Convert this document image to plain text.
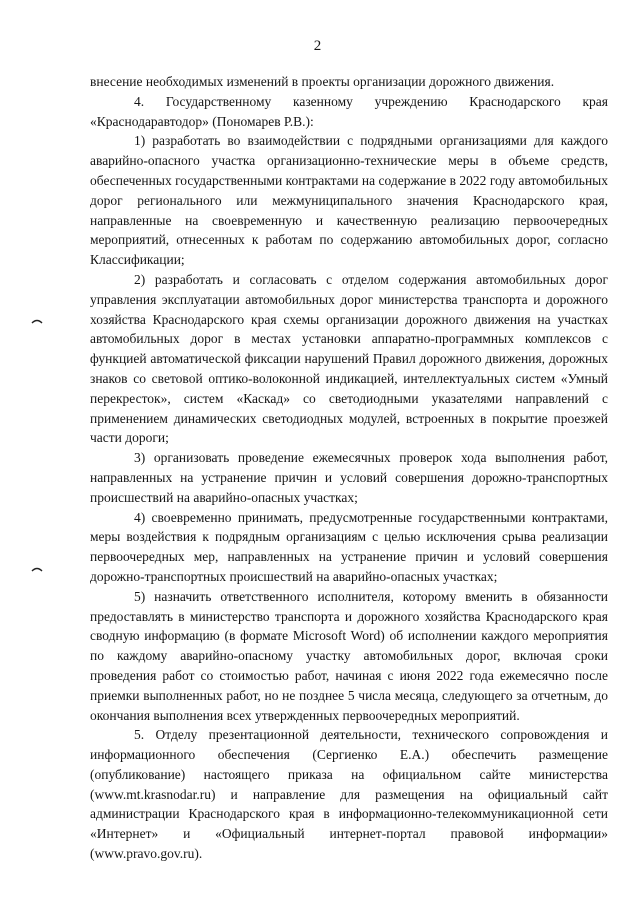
2

внесение необходимых изменений в проекты организации дорожного движения.

4. Государственному казенному учреждению Краснодарского края «Краснодаравтодор» (Пономарев Р.В.):

1) разработать во взаимодействии с подрядными организациями для каждого аварийно-опасного участка организационно-технические меры в объеме средств, обеспеченных государственными контрактами на содержание в 2022 году автомобильных дорог регионального или межмуниципального значения Краснодарского края, направленные на своевременную и качественную реализацию первоочередных мероприятий, отнесенных к работам по содержанию автомобильных дорог, согласно Классификации;

2) разработать и согласовать с отделом содержания автомобильных дорог управления эксплуатации автомобильных дорог министерства транспорта и дорожного хозяйства Краснодарского края схемы организации дорожного движения на участках автомобильных дорог в местах установки аппаратно-программных комплексов с функцией автоматической фиксации нарушений Правил дорожного движения, дорожных знаков со световой оптико-волоконной индикацией, интеллектуальных систем «Умный перекресток», систем «Каскад» со светодиодными указателями направлений с применением динамических светодиодных модулей, встроенных в покрытие проезжей части дороги;

3) организовать проведение ежемесячных проверок хода выполнения работ, направленных на устранение причин и условий совершения дорожно-транспортных происшествий на аварийно-опасных участках;

4) своевременно принимать, предусмотренные государственными контрактами, меры воздействия к подрядным организациям с целью исключения срыва реализации первоочередных мер, направленных на устранение причин и условий совершения дорожно-транспортных происшествий на аварийно-опасных участках;

5) назначить ответственного исполнителя, которому вменить в обязанности предоставлять в министерство транспорта и дорожного хозяйства Краснодарского края сводную информацию (в формате Microsoft Word) об исполнении каждого мероприятия по каждому аварийно-опасному участку автомобильных дорог, включая сроки проведения работ со стоимостью работ, начиная с июня 2022 года ежемесячно после приемки выполненных работ, но не позднее 5 числа месяца, следующего за отчетным, до окончания выполнения всех утвержденных первоочередных мероприятий.

5. Отделу презентационной деятельности, технического сопровождения и информационного обеспечения (Сергиенко Е.А.) обеспечить размещение (опубликование) настоящего приказа на официальном сайте министерства (www.mt.krasnodar.ru) и направление для размещения на официальный сайт администрации Краснодарского края в информационно-телекоммуникационной сети «Интернет» и «Официальный интернет-портал правовой информации» (www.pravo.gov.ru).
